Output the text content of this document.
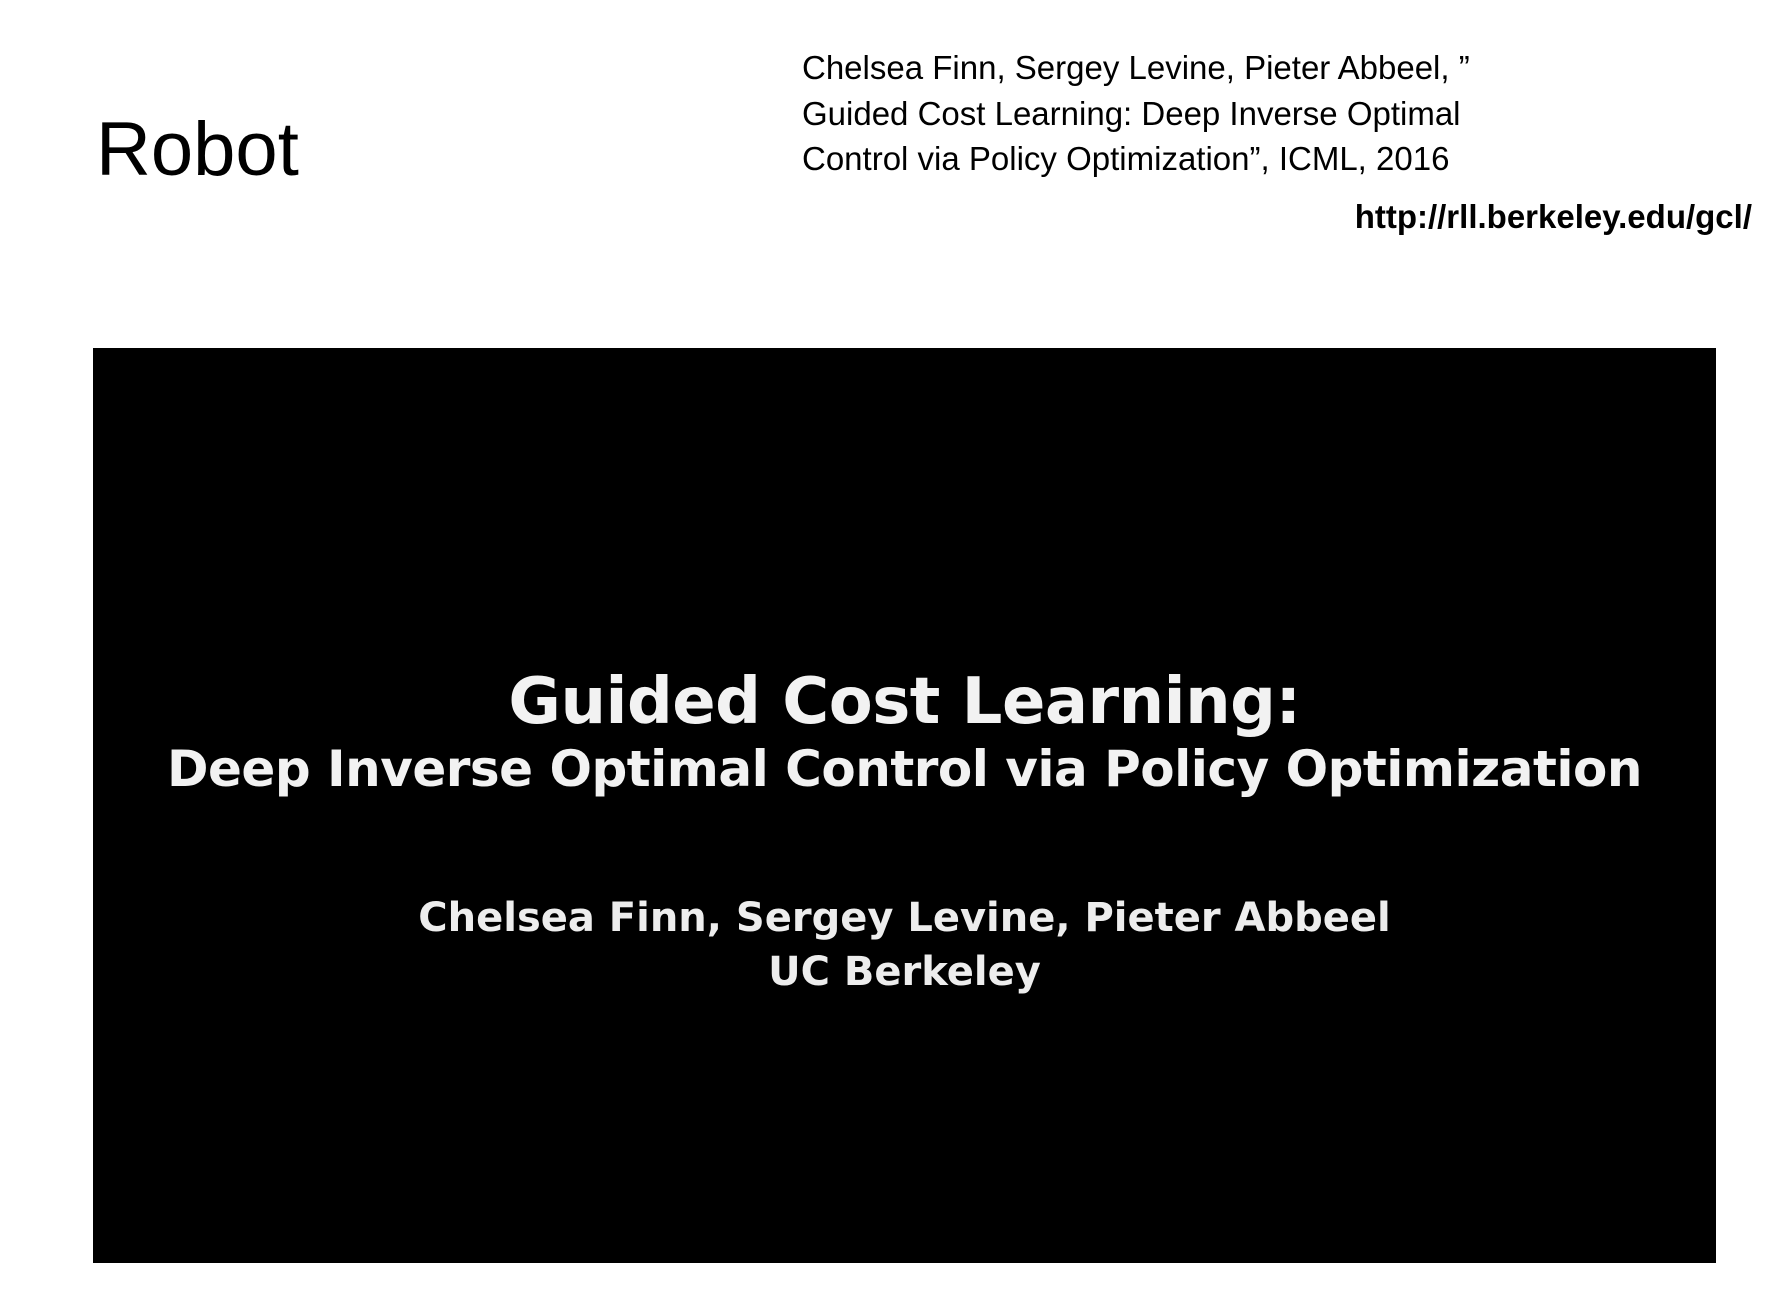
Robot
Chelsea Finn, Sergey Levine, Pieter Abbeel, ”
Guided Cost Learning: Deep Inverse Optimal
Control via Policy Optimization”, ICML, 2016
http://rll.berkeley.edu/gcl/
Guided Cost Learning:
Deep Inverse Optimal Control via Policy Optimization
Chelsea Finn, Sergey Levine, Pieter Abbeel
UC Berkeley
